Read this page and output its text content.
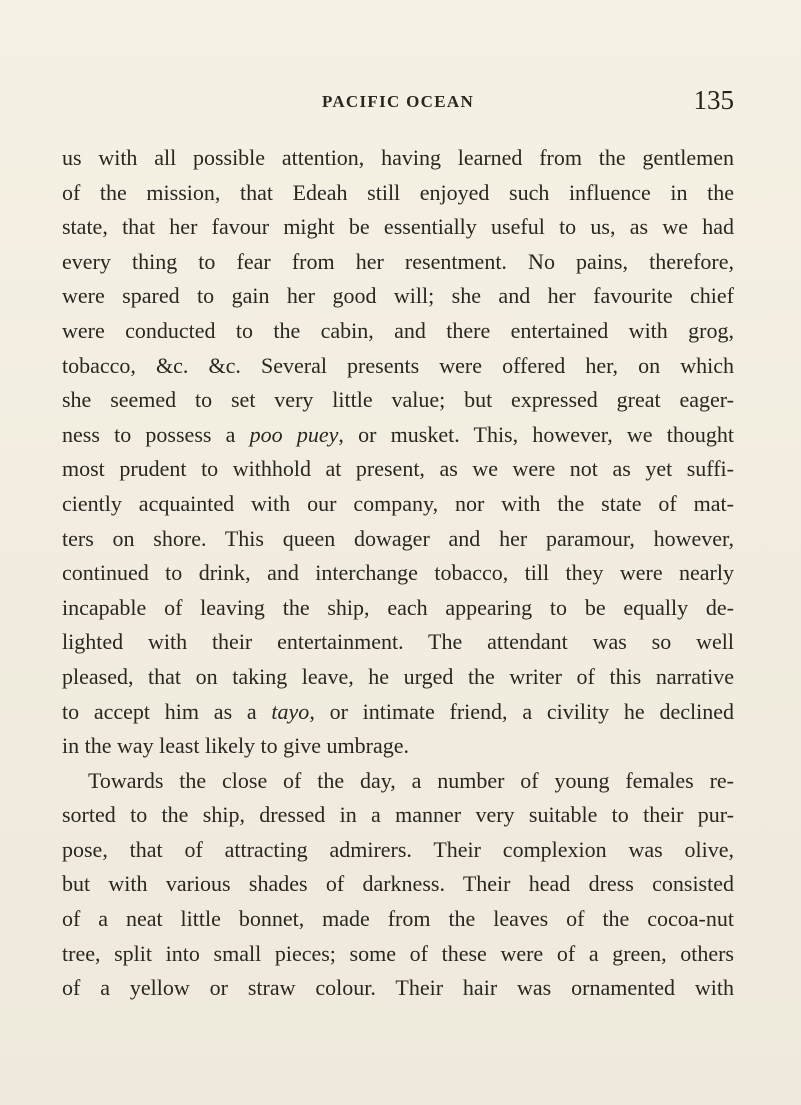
PACIFIC OCEAN	135
us with all possible attention, having learned from the gentlemen
of the mission, that Edeah still enjoyed such influence in the
state, that her favour might be essentially useful to us, as we had
every thing to fear from her resentment. No pains, therefore,
were spared to gain her good will; she and her favourite chief
were conducted to the cabin, and there entertained with grog,
tobacco, &c. &c. Several presents were offered her, on which
she seemed to set very little value; but expressed great eager-
ness to possess a poo puey, or musket. This, however, we thought
most prudent to withhold at present, as we were not as yet suffi-
ciently acquainted with our company, nor with the state of mat-
ters on shore. This queen dowager and her paramour, however,
continued to drink, and interchange tobacco, till they were nearly
incapable of leaving the ship, each appearing to be equally de-
lighted with their entertainment. The attendant was so well
pleased, that on taking leave, he urged the writer of this narrative
to accept him as a tayo, or intimate friend, a civility he declined
in the way least likely to give umbrage.
Towards the close of the day, a number of young females re-
sorted to the ship, dressed in a manner very suitable to their pur-
pose, that of attracting admirers. Their complexion was olive,
but with various shades of darkness. Their head dress consisted
of a neat little bonnet, made from the leaves of the cocoa-nut
tree, split into small pieces; some of these were of a green, others
of a yellow or straw colour. Their hair was ornamented with
